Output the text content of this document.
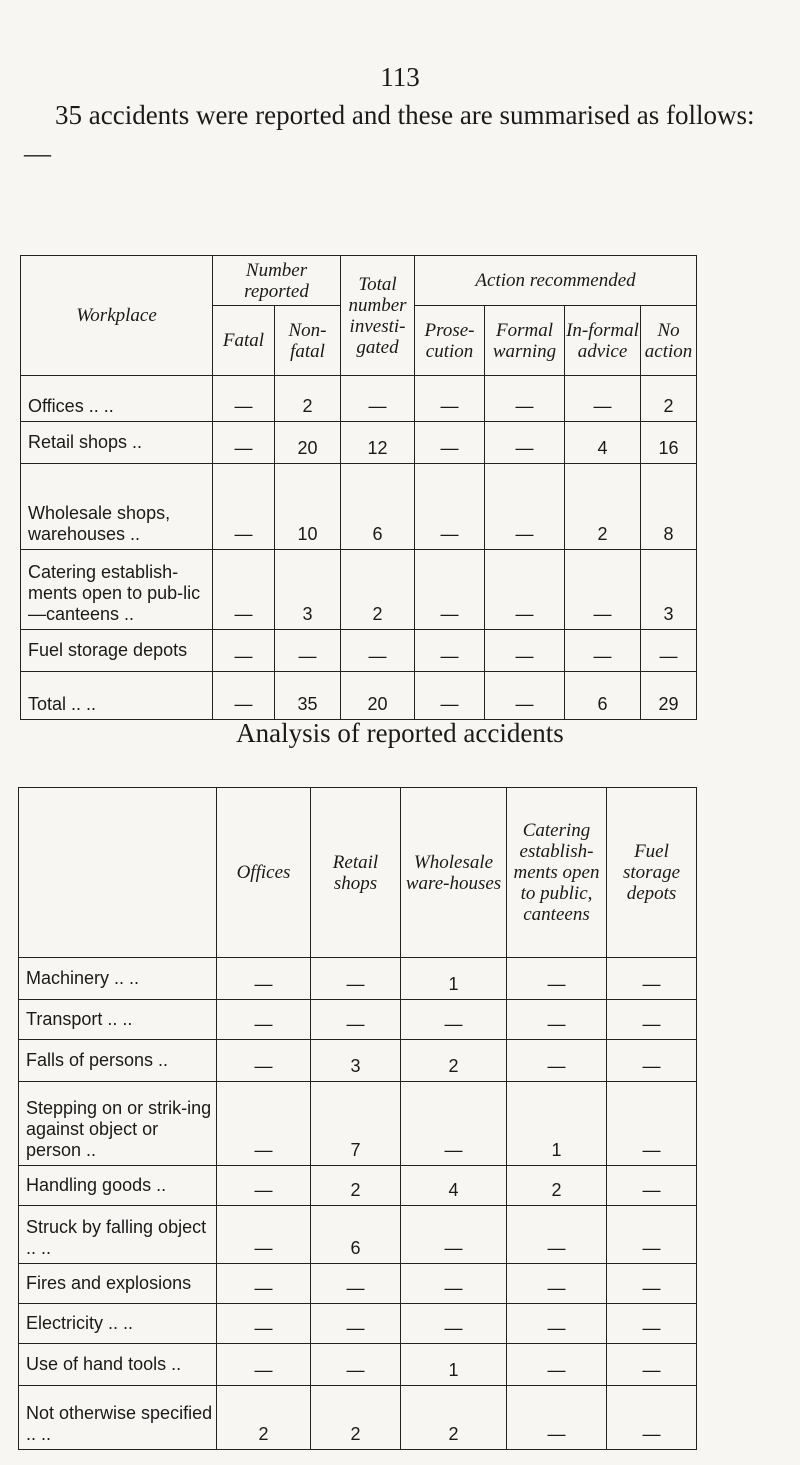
113
35 accidents were reported and these are summarised as follows: —
Workplace	Number reported		Total number investi-gated	Action recommended			
	Fatal	Non-fatal		Prose-cution	Formal warning	In-formal advice	No action
Offices .. ..	—	2	—	—	—	—	2
Retail shops ..	—	20	12	—	—	4	16
Wholesale shops, warehouses ..	—	10	6	—	—	2	8
Catering establish-ments open to pub-lic—canteens ..	—	3	2	—	—	—	3
Fuel storage depots	—	—	—	—	—	—	—
Total .. ..	—	35	20	—	—	6	29
Analysis of reported accidents
	Offices	Retail shops	Wholesale ware-houses	Catering establish-ments open to public, canteens	Fuel storage depots
Machinery .. ..	—	—	1	—	—
Transport .. ..	—	—	—	—	—
Falls of persons ..	—	3	2	—	—
Stepping on or strik-ing against object or person ..	—	7	—	1	—
Handling goods ..	—	2	4	2	—
Struck by falling object .. ..	—	6	—	—	—
Fires and explosions	—	—	—	—	—
Electricity .. ..	—	—	—	—	—
Use of hand tools ..	—	—	1	—	—
Not otherwise specified .. ..	2	2	2	—	—
